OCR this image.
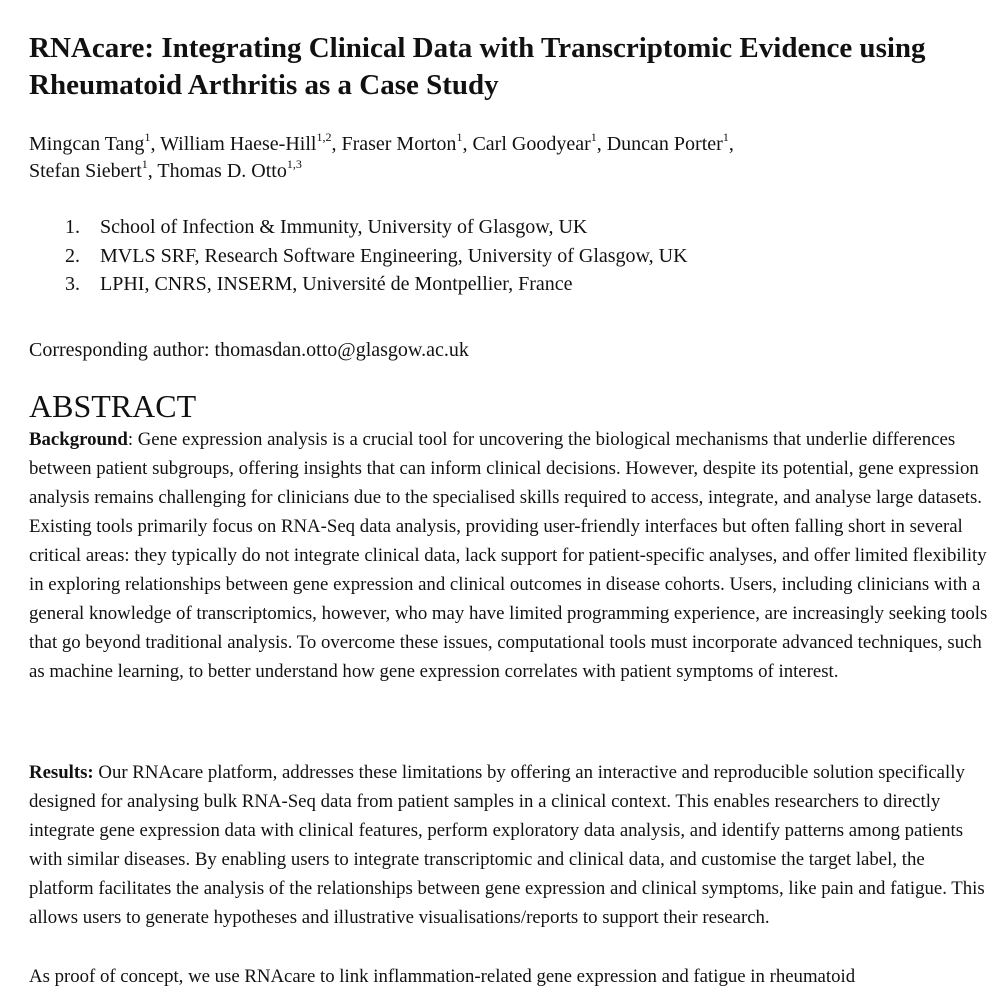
RNAcare: Integrating Clinical Data with Transcriptomic Evidence using Rheumatoid Arthritis as a Case Study
Mingcan Tang$^1$, William Haese-Hill$^{1,2}$, Fraser Morton$^1$, Carl Goodyear$^1$, Duncan Porter$^1$,
Stefan Siebert$^1$, Thomas D. Otto$^{1,3}$
1. School of Infection & Immunity, University of Glasgow, UK
2. MVLS SRF, Research Software Engineering, University of Glasgow, UK
3. LPHI, CNRS, INSERM, Université de Montpellier, France
Corresponding author: thomasdan.otto@glasgow.ac.uk
ABSTRACT

Background: Gene expression analysis is a crucial tool for uncovering the biological mechanisms that underlie differences between patient subgroups, offering insights that can inform clinical decisions. However, despite its potential, gene expression analysis remains challenging for clinicians due to the specialised skills required to access, integrate, and analyse large datasets. Existing tools primarily focus on RNA-Seq data analysis, providing user-friendly interfaces but often falling short in several critical areas: they typically do not integrate clinical data, lack support for patient-specific analyses, and offer limited flexibility in exploring relationships between gene expression and clinical outcomes in disease cohorts. Users, including clinicians with a general knowledge of transcriptomics, however, who may have limited programming experience, are increasingly seeking tools that go beyond traditional analysis. To overcome these issues, computational tools must incorporate advanced techniques, such as machine learning, to better understand how gene expression correlates with patient symptoms of interest.

Results: Our RNAcare platform, addresses these limitations by offering an interactive and reproducible solution specifically designed for analysing bulk RNA-Seq data from patient samples in a clinical context. This enables researchers to directly integrate gene expression data with clinical features, perform exploratory data analysis, and identify patterns among patients with similar diseases. By enabling users to integrate transcriptomic and clinical data, and customise the target label, the platform facilitates the analysis of the relationships between gene expression and clinical symptoms, like pain and fatigue. This allows users to generate hypotheses and illustrative visualisations/reports to support their research.

As proof of concept, we use RNAcare to link inflammation-related gene expression and fatigue in rheumatoid
